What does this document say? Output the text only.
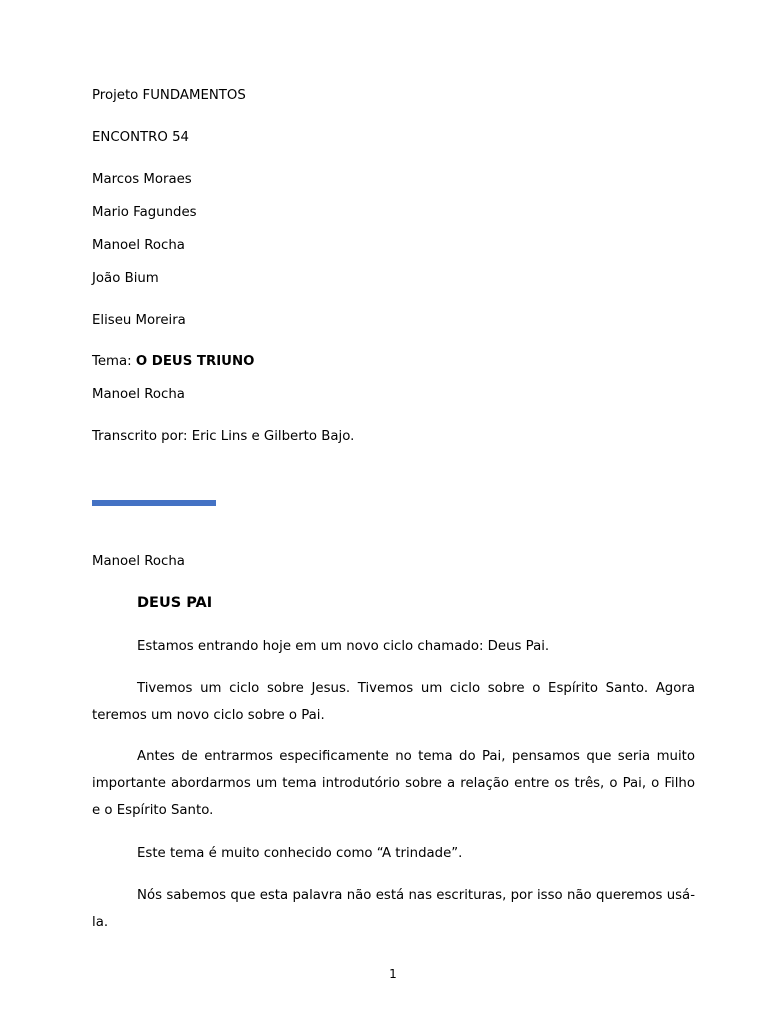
Projeto FUNDAMENTOS
ENCONTRO 54
Marcos Moraes
Mario Fagundes
Manoel Rocha
João Bium
Eliseu Moreira
Tema: O DEUS TRIUNO
Manoel Rocha
Transcrito por: Eric Lins e Gilberto Bajo.
Manoel Rocha
DEUS PAI
Estamos entrando hoje em um novo ciclo chamado: Deus Pai.
Tivemos um ciclo sobre Jesus. Tivemos um ciclo sobre o Espírito Santo. Agora teremos um novo ciclo sobre o Pai.
Antes de entrarmos especificamente no tema do Pai, pensamos que seria muito importante abordarmos um tema introdutório sobre a relação entre os três, o Pai, o Filho e o Espírito Santo.
Este tema é muito conhecido como “A trindade”.
Nós sabemos que esta palavra não está nas escrituras, por isso não queremos usá-la.
1
